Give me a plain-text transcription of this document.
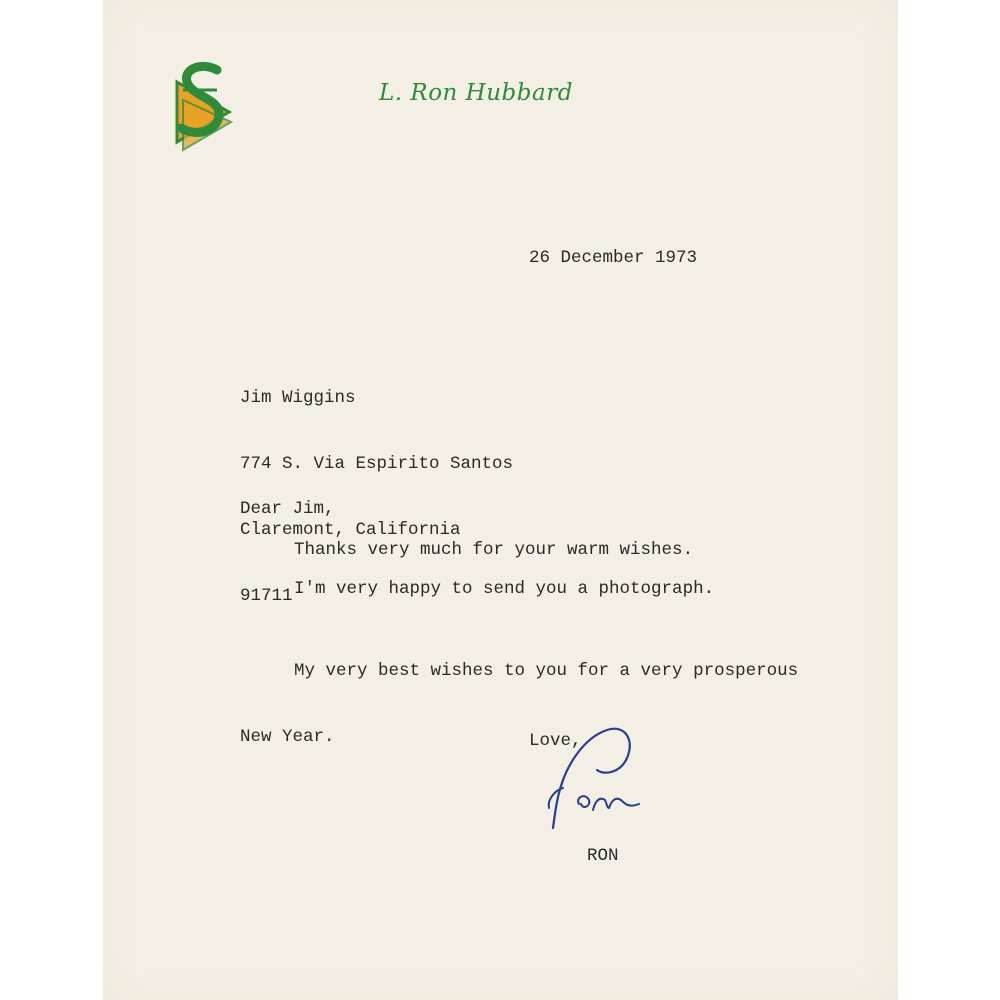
L. Ron Hubbard
26 December 1973

Jim Wiggins

774 S. Via Espirito Santos

Claremont, California

91711

Dear Jim,
Thanks very much for your warm wishes.
I'm very happy to send you a photograph.

My very best wishes to you for a very prosperous

New Year.

	Love,
RON
